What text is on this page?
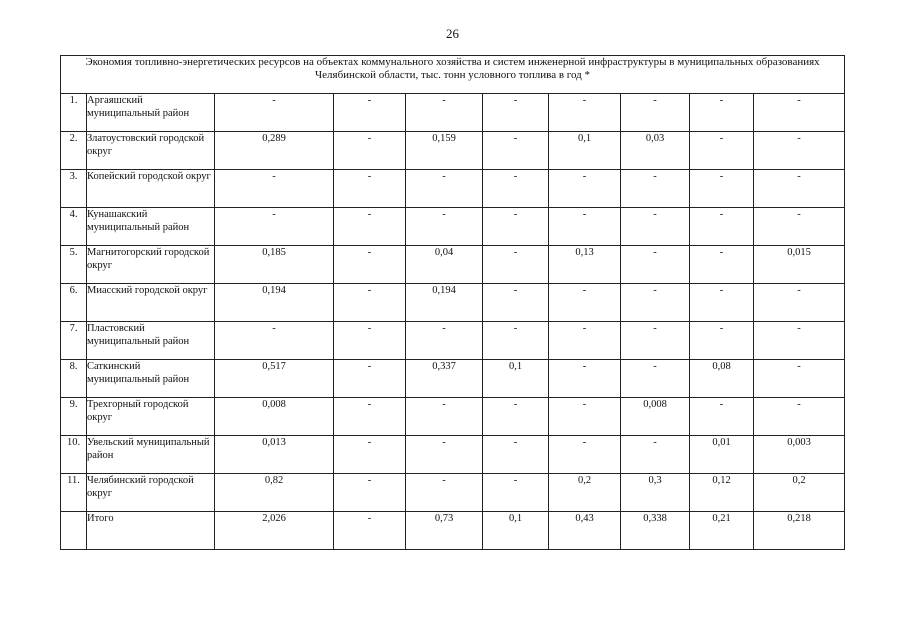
26
Экономия топливно-энергетических ресурсов на объектах коммунального хозяйства и систем инженерной инфраструктуры в муниципальных образованиях Челябинской области, тыс. тонн условного топлива в год *									
1.	Аргаяшский муниципальный район	-	-	-	-	-	-	-	-
2.	Златоустовский городской округ	0,289	-	0,159	-	0,1	0,03	-	-
3.	Копейский городской округ	-	-	-	-	-	-	-	-
4.	Кунашакский муниципальный район	-	-	-	-	-	-	-	-
5.	Магнитогорский городской округ	0,185	-	0,04	-	0,13	-	-	0,015
6.	Миасский городской округ	0,194	-	0,194	-	-	-	-	-
7.	Пластовский муниципальный район	-	-	-	-	-	-	-	-
8.	Саткинский муниципальный район	0,517	-	0,337	0,1	-	-	0,08	-
9.	Трехгорный городской округ	0,008	-	-	-	-	0,008	-	-
10.	Увельский муниципальный район	0,013	-	-	-	-	-	0,01	0,003
11.	Челябинский городской округ	0,82	-	-	-	0,2	0,3	0,12	0,2
	Итого	2,026	-	0,73	0,1	0,43	0,338	0,21	0,218
